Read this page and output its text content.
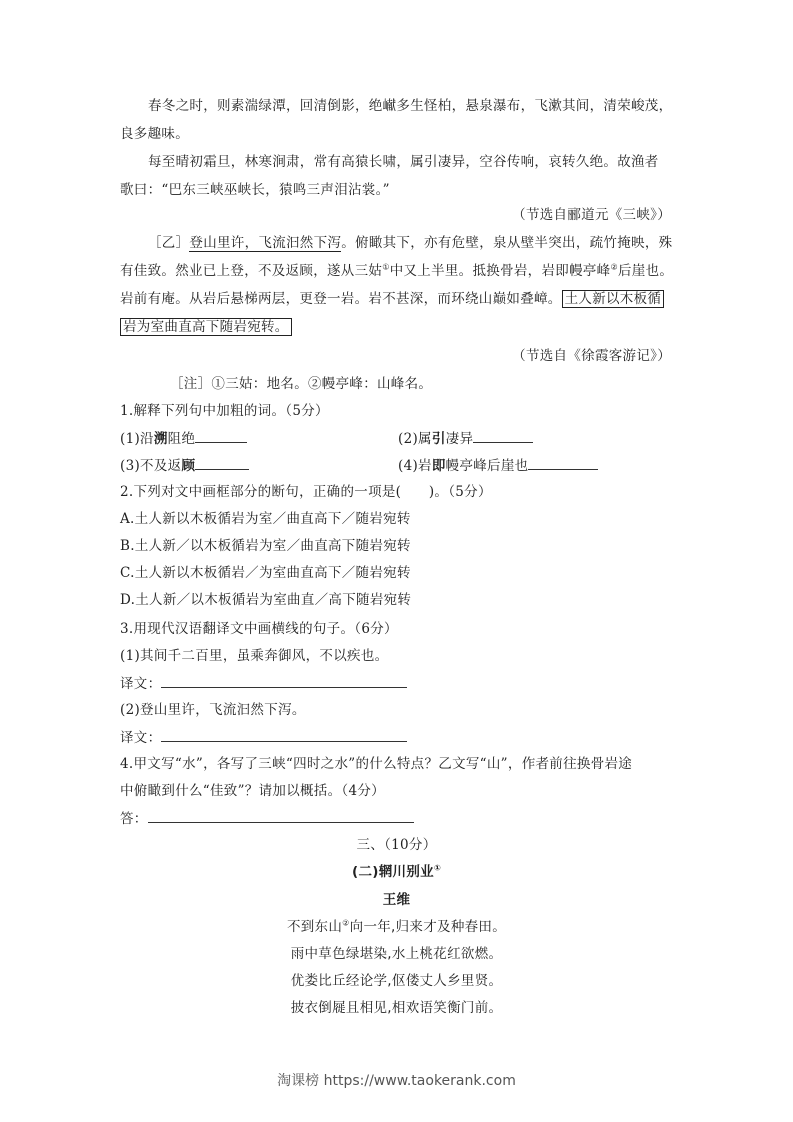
春冬之时，则素湍绿潭，回清倒影，绝𪩘多生怪柏，悬泉瀑布，飞漱其间，清荣峻茂，
良多趣味。
每至晴初霜旦，林寒涧肃，常有高猿长啸，属引凄异，空谷传响，哀转久绝。故渔者
歌曰：“巴东三峡巫峡长，猿鸣三声泪沾裳。”
（节选自郦道元《三峡》）
［乙］登山里许，飞流汩然下泻。俯瞰其下，亦有危壁，泉从壁半突出，疏竹掩映，殊
有佳致。然业已上登，不及返顾，遂从三姑①中又上半里。抵换骨岩，岩即幔亭峰②后崖也。
岩前有庵。从岩后悬梯两层，更登一岩。岩不甚深，而环绕山巅如叠嶂。 土人新以木板循
岩为室曲直高下随岩宛转。
（节选自《徐霞客游记》）
［注］①三姑：地名。②幔亭峰：山峰名。
1.解释下列句中加粗的词。（5分）
(1)沿溯阻绝	(2)属引凄异
(3)不及返顾	(4)岩即幔亭峰后崖也
2.下列对文中画框部分的断句，正确的一项是(　　)。（5分）
A.土人新以木板循岩为室／曲直高下／随岩宛转
B.土人新／以木板循岩为室／曲直高下随岩宛转
C.土人新以木板循岩／为室曲直高下／随岩宛转
D.土人新／以木板循岩为室曲直／高下随岩宛转
3.用现代汉语翻译文中画横线的句子。（6分）
(1)其间千二百里，虽乘奔御风，不以疾也。
译文：
(2)登山里许，飞流汩然下泻。
译文：
4.甲文写“水”，各写了三峡“四时之水”的什么特点？乙文写“山”，作者前往换骨岩途
中俯瞰到什么“佳致”？请加以概括。（4分）
答：
三、（10分）
(二)辋川别业①
王维
不到东山②向一年,归来才及种春田。
雨中草色绿堪染,水上桃花红欲燃。
优娄比丘经论学,伛偻丈人乡里贤。
披衣倒屣且相见,相欢语笑衡门前。
淘课榜 https://www.taokerank.com
